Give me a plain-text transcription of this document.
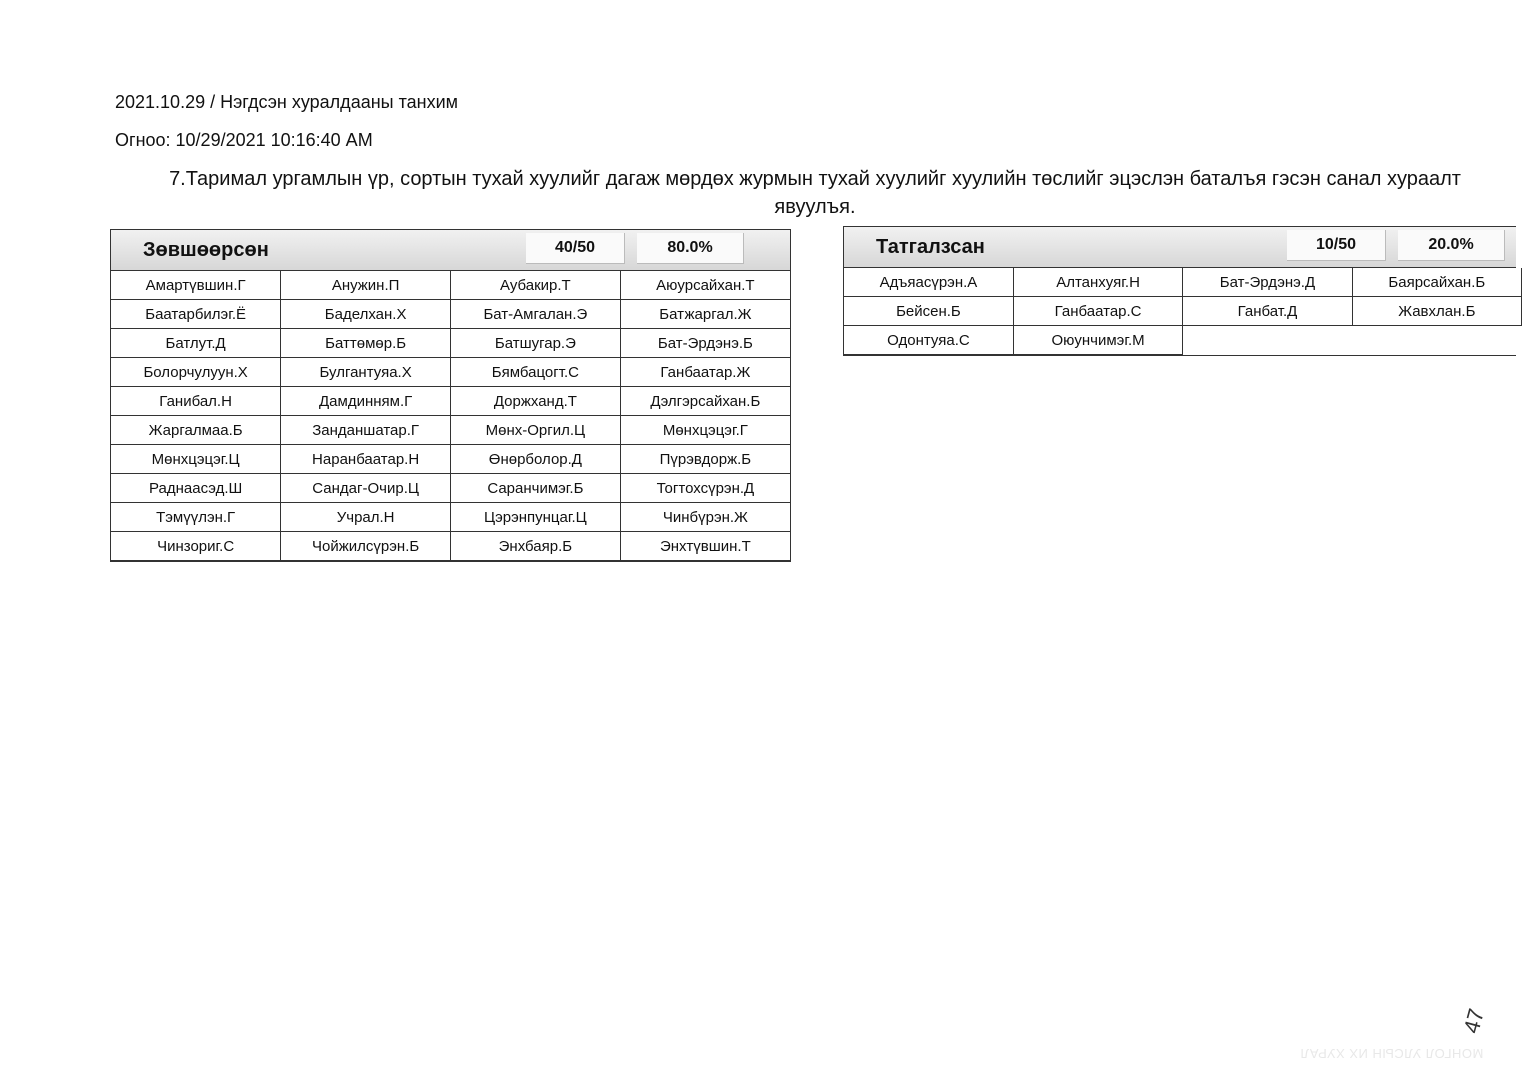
2021.10.29 / Нэгдсэн хуралдааны танхим
Огноо: 10/29/2021 10:16:40 AM
7.Таримал ургамлын үр, сортын тухай хуулийг дагаж мөрдөх журмын тухай хуулийг хуулийн төслийг эцэслэн баталъя гэсэн санал хураалт явуулъя.
Зөвшөөрсөн	40/50	80.0%
Амартүвшин.Г	Анужин.П	Аубакир.Т	Аюурсайхан.Т
Баатарбилэг.Ё	Баделхан.Х	Бат-Амгалан.Э	Батжаргал.Ж
Батлут.Д	Баттөмөр.Б	Батшугар.Э	Бат-Эрдэнэ.Б
Болорчулуун.Х	Булгантуяа.Х	Бямбацогт.С	Ганбаатар.Ж
Ганибал.Н	Дамдинням.Г	Доржханд.Т	Дэлгэрсайхан.Б
Жаргалмаа.Б	Занданшатар.Г	Мөнх-Оргил.Ц	Мөнхцэцэг.Г
Мөнхцэцэг.Ц	Наранбаатар.Н	Өнөрболор.Д	Пүрэвдорж.Б
Раднаасэд.Ш	Сандаг-Очир.Ц	Саранчимэг.Б	Тогтохсүрэн.Д
Тэмүүлэн.Г	Учрал.Н	Цэрэнпунцаг.Ц	Чинбүрэн.Ж
Чинзориг.С	Чойжилсүрэн.Б	Энхбаяр.Б	Энхтүвшин.Т
Татгалзсан	10/50	20.0%
Адъяасүрэн.А	Алтанхуяг.Н	Бат-Эрдэнэ.Д	Баярсайхан.Б
Бейсен.Б	Ганбаатар.С	Ганбат.Д	Жавхлан.Б
Одонтуяа.С	Оюунчимэг.М		
47
МОНГОЛ УЛСЫН ИХ ХУРАЛ
